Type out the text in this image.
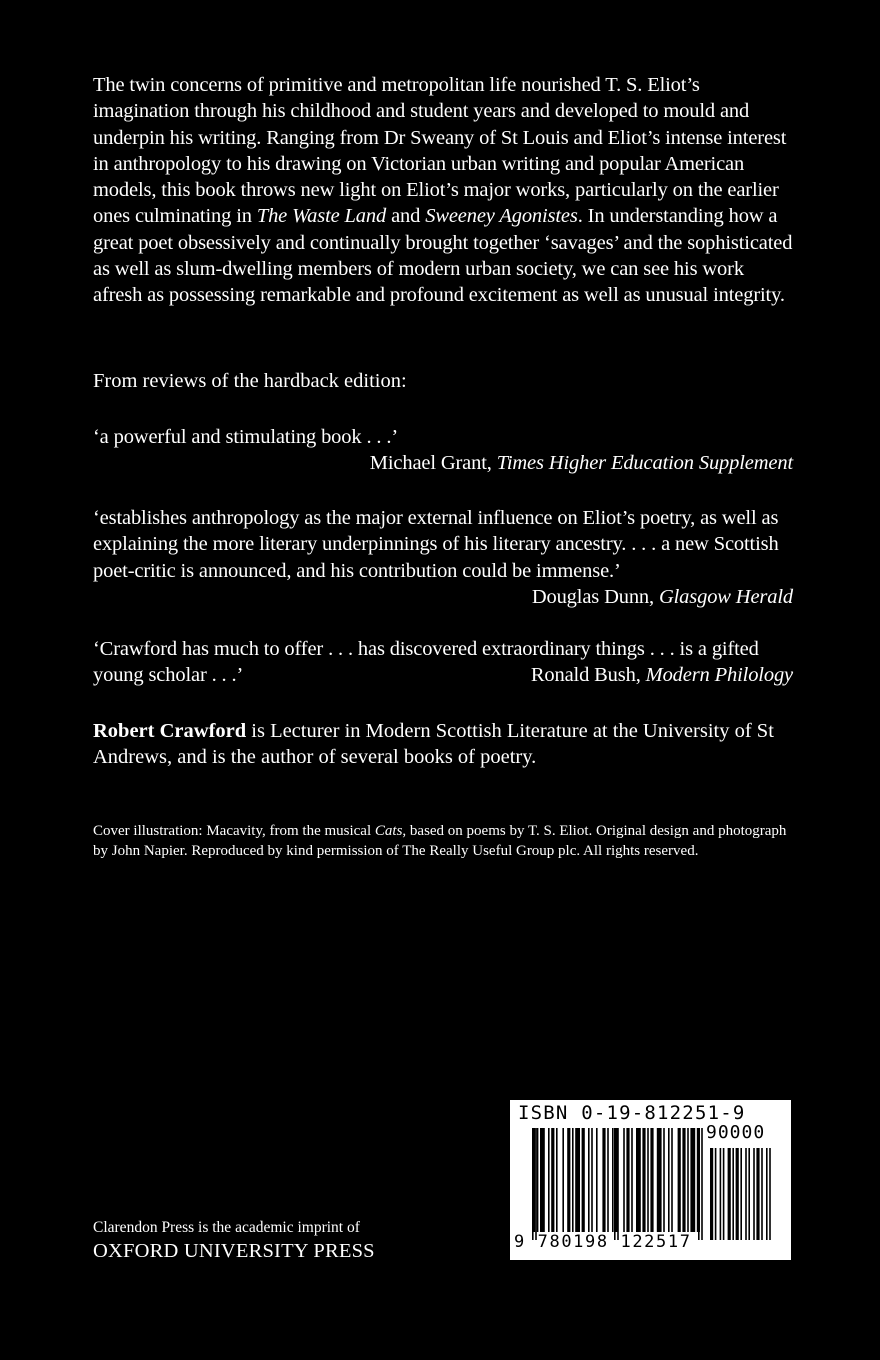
The twin concerns of primitive and metropolitan life nourished T. S. Eliot’s imagination through his childhood and student years and developed to mould and underpin his writing. Ranging from Dr Sweany of St Louis and Eliot’s intense interest in anthropology to his drawing on Victorian urban writing and popular American models, this book throws new light on Eliot’s major works, particularly on the earlier ones culminating in The Waste Land and Sweeney Agonistes. In understanding how a great poet obsessively and continually brought together ‘savages’ and the sophisticated as well as slum-dwelling members of modern urban society, we can see his work afresh as possessing remarkable and profound excitement as well as unusual integrity.

From reviews of the hardback edition:
‘a powerful and stimulating book . . .’
Michael Grant, Times Higher Education Supplement
Douglas Dunn, Glasgow Herald
‘establishes anthropology as the major external influence on Eliot’s poetry, as well as explaining the more literary underpinnings of his literary ancestry. . . . a new Scottish poet-critic is announced, and his contribution could be immense.’
Ronald Bush, Modern Philology
‘Crawford has much to offer . . . has discovered extraordinary things . . . is a gifted young scholar . . .’
Robert Crawford is Lecturer in Modern Scottish Literature at the University of St Andrews, and is the author of several books of poetry.
Cover illustration: Macavity, from the musical Cats, based on poems by T. S. Eliot. Original design and photograph by John Napier. Reproduced by kind permission of The Really Useful Group plc. All rights reserved.
Clarendon Press is the academic imprint of
OXFORD UNIVERSITY PRESS
ISBN 0-19-812251-9
90000
9 780198 122517
